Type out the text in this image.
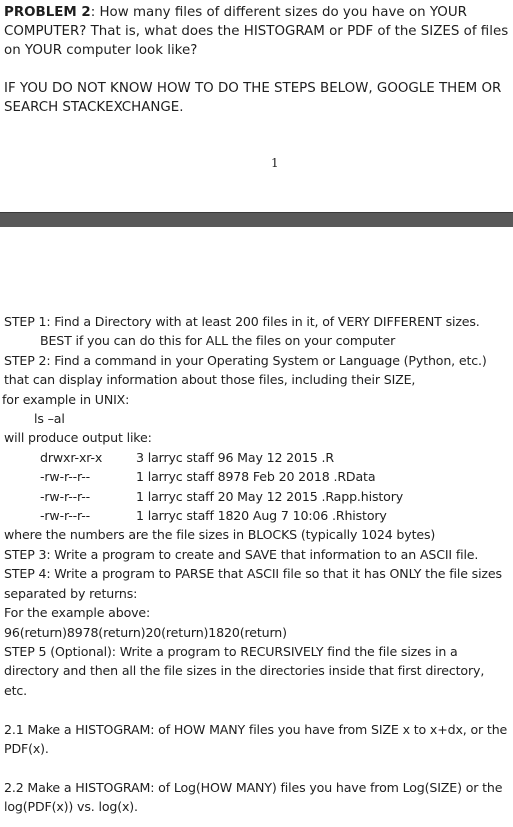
PROBLEM 2: How many files of different sizes do you have on YOUR COMPUTER? That is, what does the HISTOGRAM or PDF of the SIZES of files on YOUR computer look like?

IF YOU DO NOT KNOW HOW TO DO THE STEPS BELOW, GOOGLE THEM OR SEARCH STACKEXCHANGE.

1
STEP 1: Find a Directory with at least 200 files in it, of VERY DIFFERENT sizes.
BEST if you can do this for ALL the files on your computer
STEP 2: Find a command in your Operating System or Language (Python, etc.)
that can display information about those files, including their SIZE,
for example in UNIX:
ls –al
will produce output like:
drwxr-xr-x	3 larryc staff 96 May 12 2015 .R
-rw-r--r--	1 larryc staff 8978 Feb 20 2018 .RData
-rw-r--r--	1 larryc staff 20 May 12 2015 .Rapp.history
-rw-r--r--	1 larryc staff 1820 Aug 7 10:06 .Rhistory
where the numbers are the file sizes in BLOCKS (typically 1024 bytes)
STEP 3: Write a program to create and SAVE that information to an ASCII file.
STEP 4: Write a program to PARSE that ASCII file so that it has ONLY the file sizes separated by returns:
For the example above:
96(return)8978(return)20(return)1820(return)
STEP 5 (Optional): Write a program to RECURSIVELY find the file sizes in a directory and then all the file sizes in the directories inside that first directory, etc.
2.1 Make a HISTOGRAM: of HOW MANY files you have from SIZE x to x+dx, or the PDF(x).
2.2 Make a HISTOGRAM: of Log(HOW MANY) files you have from Log(SIZE) or the log(PDF(x)) vs. log(x).
